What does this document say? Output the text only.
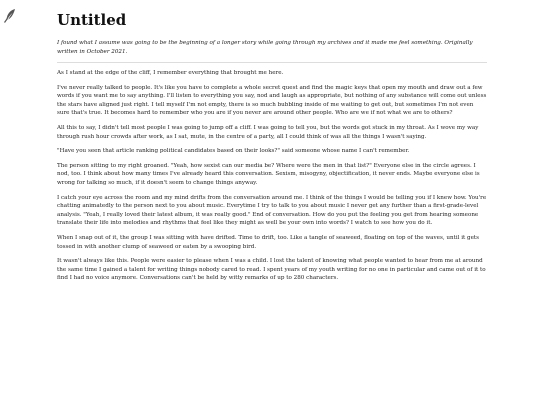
Untitled

I found what I assume was going to be the beginning of a longer story while going through my archives and it made me feel something. Originally written in October 2021.

As I stand at the edge of the cliff, I remember everything that brought me here.

I've never really talked to people. It's like you have to complete a whole secret quest and find the magic keys that open my mouth and draw out a few words if you want me to say anything. I'll listen to everything you say, nod and laugh as appropriate, but nothing of any substance will come out unless the stars have aligned just right. I tell myself I'm not empty, there is so much bubbling inside of me waiting to get out, but sometimes I'm not even sure that's true. It becomes hard to remember who you are if you never are around other people. Who are we if not what we are to others?

All this to say, I didn't tell most people I was going to jump off a cliff. I was going to tell you, but the words got stuck in my throat. As I wove my way through rush hour crowds after work, as I sat, mute, in the centre of a party, all I could think of was all the things I wasn't saying.

"Have you seen that article ranking political candidates based on their looks?" said someone whose name I can't remember.

The person sitting to my right groaned. "Yeah, how sexist can our media be? Where were the men in that list?" Everyone else in the circle agrees. I nod, too. I think about how many times I've already heard this conversation. Sexism, misogyny, objectification, it never ends. Maybe everyone else is wrong for talking so much, if it doesn't seem to change things anyway.

I catch your eye across the room and my mind drifts from the conversation around me. I think of the things I would be telling you if I knew how. You're chatting animatedly to the person next to you about music. Everytime I try to talk to you about music I never get any further than a first-grade-level analysis. "Yeah, I really loved their latest album, it was really good." End of conversation. How do you put the feeling you get from hearing someone translate their life into melodies and rhythms that feel like they might as well be your own into words? I watch to see how you do it.

When I snap out of it, the group I was sitting with have drifted. Time to drift, too. Like a tangle of seaweed, floating on top of the waves, until it gets tossed in with another clump of seaweed or eaten by a swooping bird.

It wasn't always like this. People were easier to please when I was a child. I lost the talent of knowing what people wanted to hear from me at around the same time I gained a talent for writing things nobody cared to read. I spent years of my youth writing for no one in particular and came out of it to find I had no voice anymore. Conversations can't be held by witty remarks of up to 280 characters.
